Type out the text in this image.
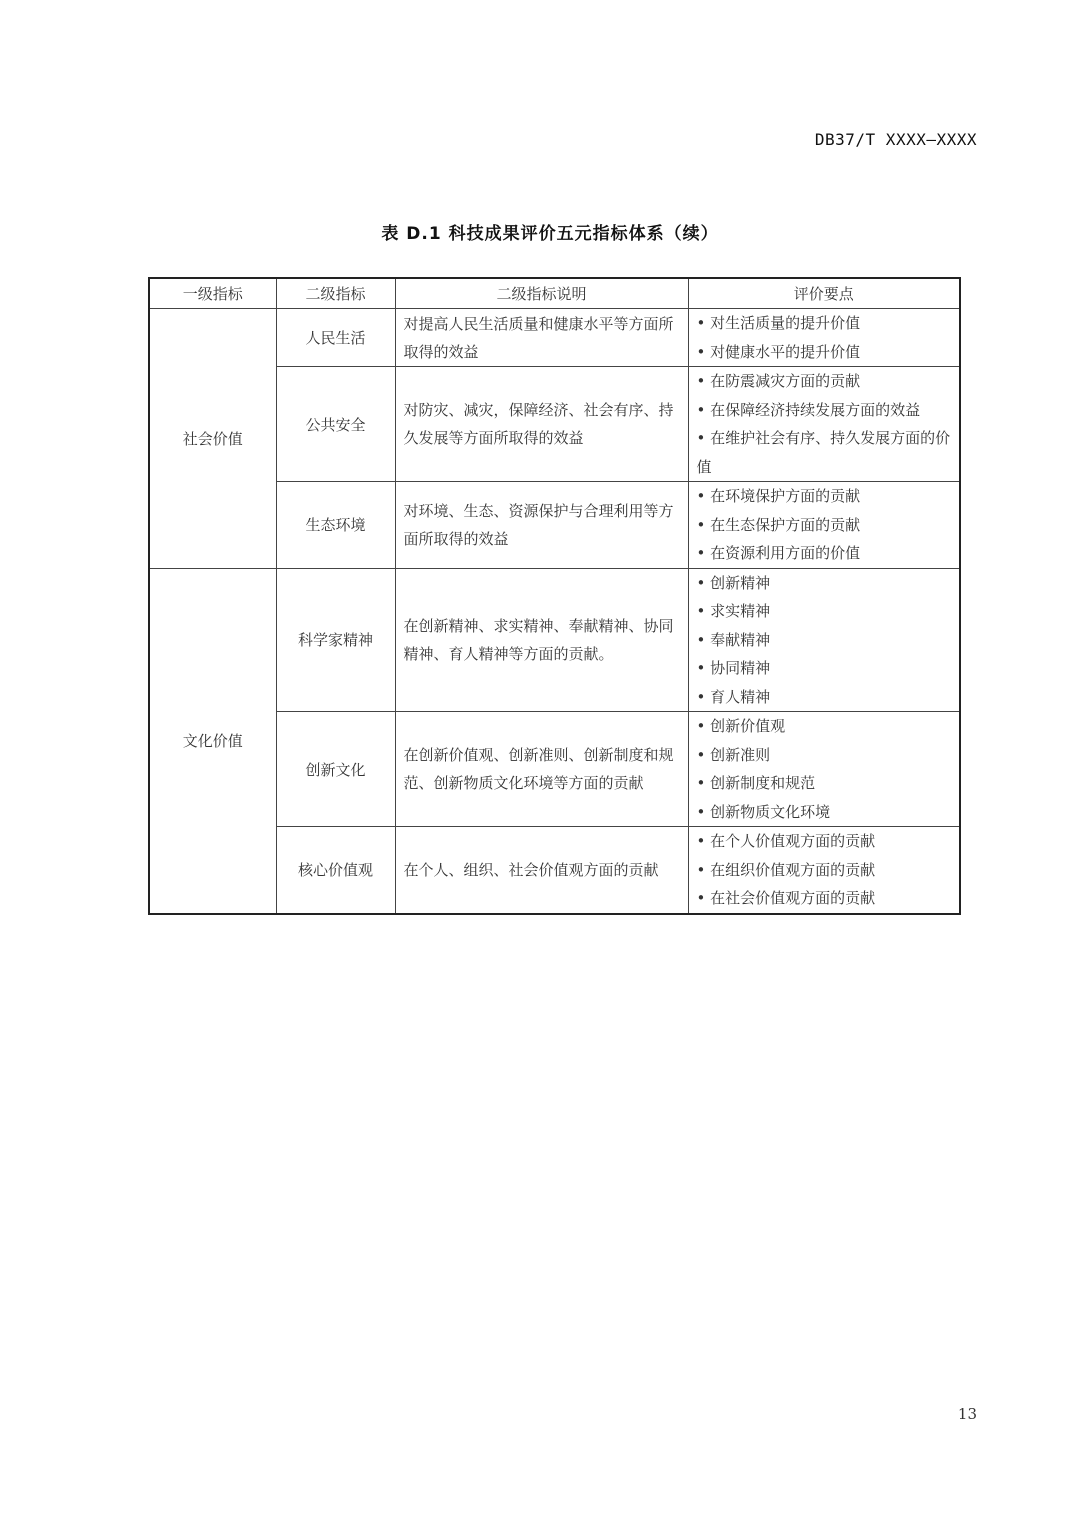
DB37/T XXXX—XXXX
表 D.1 科技成果评价五元指标体系（续）
一级指标	二级指标	二级指标说明	评价要点
社会价值	人民生活	对提高人民生活质量和健康水平等方面所取得的效益	• 对生活质量的提升价值
• 对健康水平的提升价值

	公共安全	对防灾、减灾，保障经济、社会有序、持久发展等方面所取得的效益	• 在防震减灾方面的贡献
• 在保障经济持续发展方面的效益
• 在维护社会有序、持久发展方面的价值

	生态环境	对环境、生态、资源保护与合理利用等方面所取得的效益	• 在环境保护方面的贡献
• 在生态保护方面的贡献
• 在资源利用方面的价值

文化价值	科学家精神	在创新精神、求实精神、奉献精神、协同精神、育人精神等方面的贡献。	• 创新精神
• 求实精神
• 奉献精神
• 协同精神
• 育人精神

	创新文化	在创新价值观、创新准则、创新制度和规范、创新物质文化环境等方面的贡献	• 创新价值观
• 创新准则
• 创新制度和规范
• 创新物质文化环境

	核心价值观	在个人、组织、社会价值观方面的贡献	• 在个人价值观方面的贡献
• 在组织价值观方面的贡献
• 在社会价值观方面的贡献
13
